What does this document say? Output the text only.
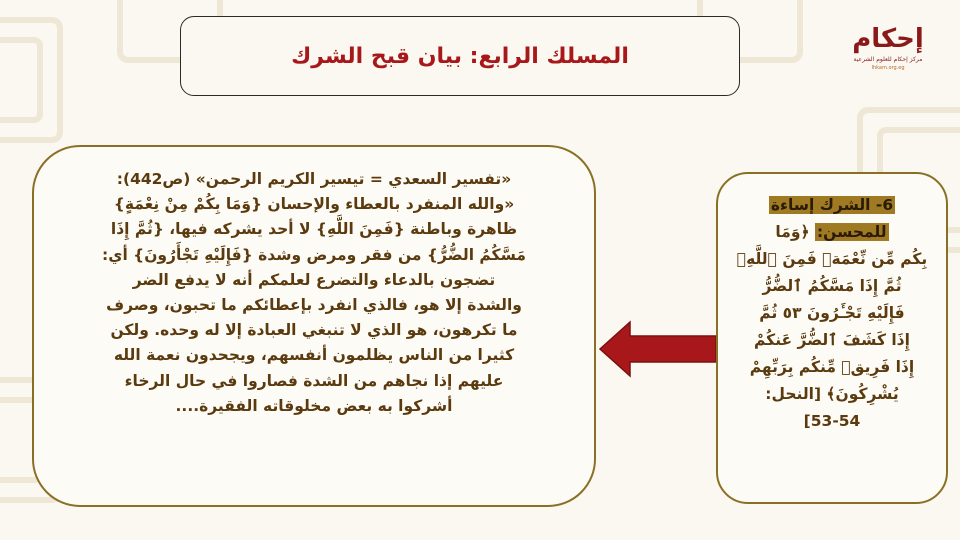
المسلك الرابع: بيان قبح الشرك
إحكام
مركز إحكام للعلوم الشرعية
Ihkam.org.eg
«تفسير السعدي = تيسير الكريم الرحمن» (ص442):
«والله المنفرد بالعطاء والإحسان {وَمَا بِكُمْ مِنْ نِعْمَةٍ}
ظاهرة وباطنة {فَمِنَ اللَّهِ} لا أحد يشركه فيها، {ثُمَّ إِذَا
مَسَّكُمُ الضُّرُّ} من فقر ومرض وشدة {فَإِلَيْهِ تَجْأَرُونَ} أي:
تضجون بالدعاء والتضرع لعلمكم أنه لا يدفع الضر
والشدة إلا هو، فالذي انفرد بإعطائكم ما تحبون، وصرف
ما تكرهون، هو الذي لا تنبغي العبادة إلا له وحده. ولكن
كثيرا من الناس يظلمون أنفسهم، ويجحدون نعمة الله
عليهم إذا نجاهم من الشدة فصاروا في حال الرخاء
أشركوا به بعض مخلوقاته الفقيرة....
6- الشرك إساءة
للمحسن: ﴿وَمَا
بِكُم مِّن نِّعْمَةٖ فَمِنَ ٱللَّهِۖ
ثُمَّ إِذَا مَسَّكُمُ ٱلضُّرُّ
فَإِلَيْهِ تَجْـَٔرُونَ ٥٣ ثُمَّ
إِذَا كَشَفَ ٱلضُّرَّ عَنكُمْ
إِذَا فَرِيقٞ مِّنكُم بِرَبِّهِمْ
يُشْرِكُونَ﴾ [النحل:
53-54]
